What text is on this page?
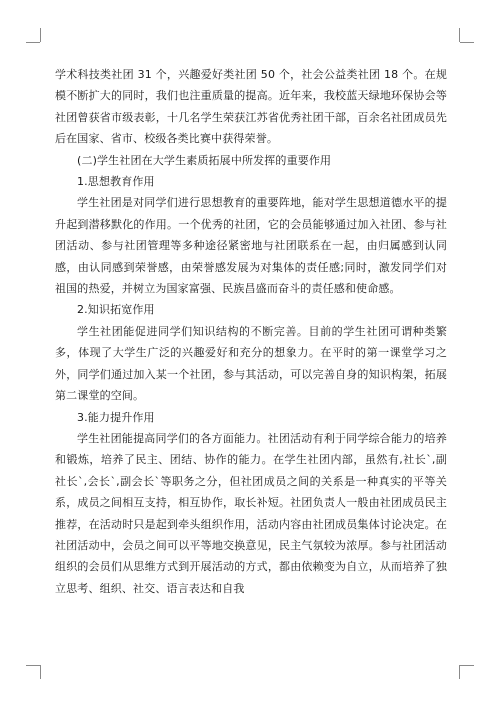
学术科技类社团 31 个，兴趣爱好类社团 50 个，社会公益类社团 18 个。在规模不断扩大的同时，我们也注重质量的提高。近年来，我校蓝天绿地环保协会等社团曾获省市级表彰，十几名学生荣获江苏省优秀社团干部，百余名社团成员先后在国家、省市、校级各类比赛中获得荣誉。

(二)学生社团在大学生素质拓展中所发挥的重要作用

1.思想教育作用

学生社团是对同学们进行思想教育的重要阵地，能对学生思想道德水平的提升起到潜移默化的作用。一个优秀的社团，它的会员能够通过加入社团、参与社团活动、参与社团管理等多种途径紧密地与社团联系在一起，由归属感到认同感，由认同感到荣誉感，由荣誉感发展为对集体的责任感;同时，激发同学们对祖国的热爱，并树立为国家富强、民族昌盛而奋斗的责任感和使命感。

2.知识拓宽作用

学生社团能促进同学们知识结构的不断完善。目前的学生社团可谓种类繁多，体现了大学生广泛的兴趣爱好和充分的想象力。在平时的第一课堂学习之外，同学们通过加入某一个社团，参与其活动，可以完善自身的知识构架，拓展第二课堂的空间。

3.能力提升作用

学生社团能提高同学们的各方面能力。社团活动有利于同学综合能力的培养和锻炼，培养了民主、团结、协作的能力。在学生社团内部，虽然有,社长`,副社长`,会长`,副会长`等职务之分，但社团成员之间的关系是一种真实的平等关系，成员之间相互支持，相互协作，取长补短。社团负责人一般由社团成员民主推荐，在活动时只是起到牵头组织作用，活动内容由社团成员集体讨论决定。在社团活动中，会员之间可以平等地交换意见，民主气氛较为浓厚。参与社团活动组织的会员们从思维方式到开展活动的方式，都由依赖变为自立，从而培养了独立思考、组织、社交、语言表达和自我
